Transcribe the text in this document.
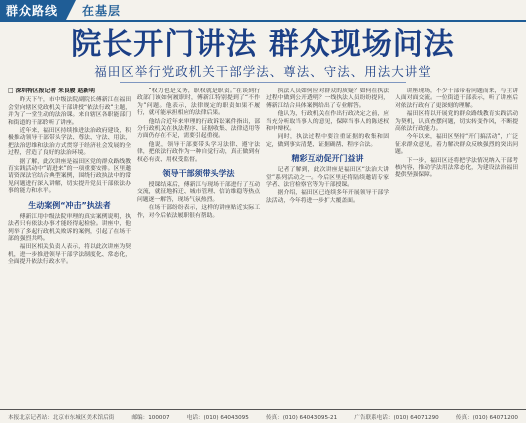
群众路线	在基层
院长开门讲法 群众现场问法
福田区举行党政机关干部学法、尊法、守法、用法大讲堂

□ 深圳特区报记者 朱良骏 赵新明

昨天下午，市中级法院副院长傅新江在福田会堂向辖区党政机关干部讲授“依法行政”主题，并为了一堂生动的法治课。来自辖区各职能部门和街道的干部聆听了讲座。

近年来，福田区持续推进法治政府建设，积极推动领导干部带头学法、尊法、守法、用法，把法治思维和法治方式贯穿于经济社会发展的全过程，营造了良好的法治环境。

据了解，此次讲座是福田区党的群众路线教育实践活动中“请进来”的一项重要安排。区里邀请资深法官结合典型案例，围绕行政执法中的常见问题进行深入讲解，切实提升党员干部依法办事的能力和水平。

生动案例“冲击”执法者

傅新江用中级法院审理的真实案例说明，执法者只有依法办事才能经得起检验。讲座中，他列举了多起行政机关败诉的案例，引起了在场干部的强烈共鸣。

福田区相关负责人表示，将以此次讲座为契机，进一步推进领导干部学法制度化、常态化，全面提升依法行政水平。

“权力也是义务，职权就是职责。”在谈到行政部门该如何履职时，傅新江特别提到了“不作为”问题。他表示，法律规定的职责如果不履行，就可能承担相应的法律后果。

他结合近年来审理的行政诉讼案件指出，部分行政机关在执法程序、证据收集、法律适用等方面仍存在不足，需要引起重视。

他说，领导干部要带头学习法律、遵守法律，把依法行政作为一种自觉行动，真正做到有权必有责、用权受监督。

领导干部须带头学法

授课结束后，傅新江与现场干部进行了互动交流，就征地拆迁、城市管理、信访维稳等热点问题逐一解答，现场气氛热烈。

在场干部纷纷表示，这样的讲座贴近实际工作，对今后依法履职很有帮助。

执法人员如何应对群众的质疑？如何在执法过程中做到公开透明？一线执法人员纷纷提问，傅新江结合具体案例给出了专业解答。

他认为，行政机关在作出行政决定之前，应当充分听取当事人的意见，保障当事人的陈述权和申辩权。

同时，执法过程中要注重证据的收集和固定，做到事实清楚、证据确凿、程序合法。

精彩互动促开门益讲

记者了解到，此次讲座是福田区“法治大讲堂”系列活动之一。今后区里还将陆续邀请专家学者、法官检察官等为干部授课。

据介绍，福田区已连续多年开展领导干部学法活动，今年将进一步扩大覆盖面。

讲座现场，不少干部带着问题而来，与主讲人面对面交流。一位街道干部表示，听了讲座后对依法行政有了更深刻的理解。

福田区将以开展党的群众路线教育实践活动为契机，认真查摆问题，切实转变作风，不断提高依法行政能力。

今年以来，福田区坚持“开门搞活动”，广泛征求群众意见，着力解决群众反映强烈的突出问题。

下一步，福田区还将把学法情况纳入干部考核内容，推动学法用法常态化，为建设法治福田提供坚强保障。

本报北京记者站：北京市东城区美术馆后街	邮编：100007	电话：(010) 64043095	传真：(010) 64043095-21	广告联系电话：(010) 64071290	传真：(010) 64071200
